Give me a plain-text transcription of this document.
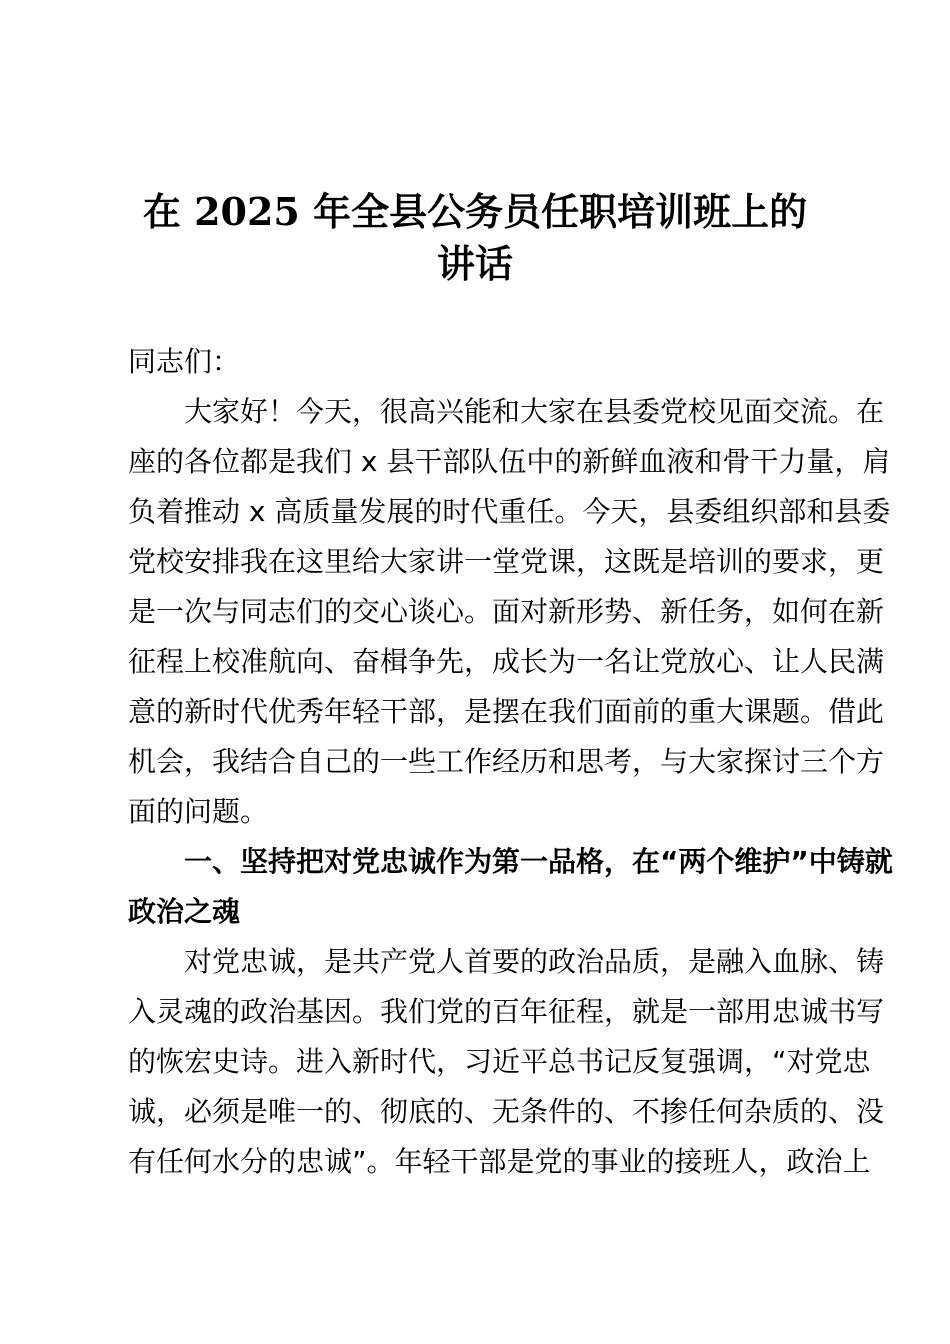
在 2025 年全县公务员任职培训班上的
讲话
同志们：
大家好！今天，很高兴能和大家在县委党校见面交流。在
座的各位都是我们 x 县干部队伍中的新鲜血液和骨干力量，肩
负着推动 x 高质量发展的时代重任。今天，县委组织部和县委
党校安排我在这里给大家讲一堂党课，这既是培训的要求，更
是一次与同志们的交心谈心。面对新形势、新任务，如何在新
征程上校准航向、奋楫争先，成长为一名让党放心、让人民满
意的新时代优秀年轻干部，是摆在我们面前的重大课题。借此
机会，我结合自己的一些工作经历和思考，与大家探讨三个方
面的问题。
一、坚持把对党忠诚作为第一品格，在“两个维护”中铸就
政治之魂
对党忠诚，是共产党人首要的政治品质，是融入血脉、铸
入灵魂的政治基因。我们党的百年征程，就是一部用忠诚书写
的恢宏史诗。进入新时代，习近平总书记反复强调，“对党忠
诚，必须是唯一的、彻底的、无条件的、不掺任何杂质的、没
有任何水分的忠诚”。年轻干部是党的事业的接班人，政治上
